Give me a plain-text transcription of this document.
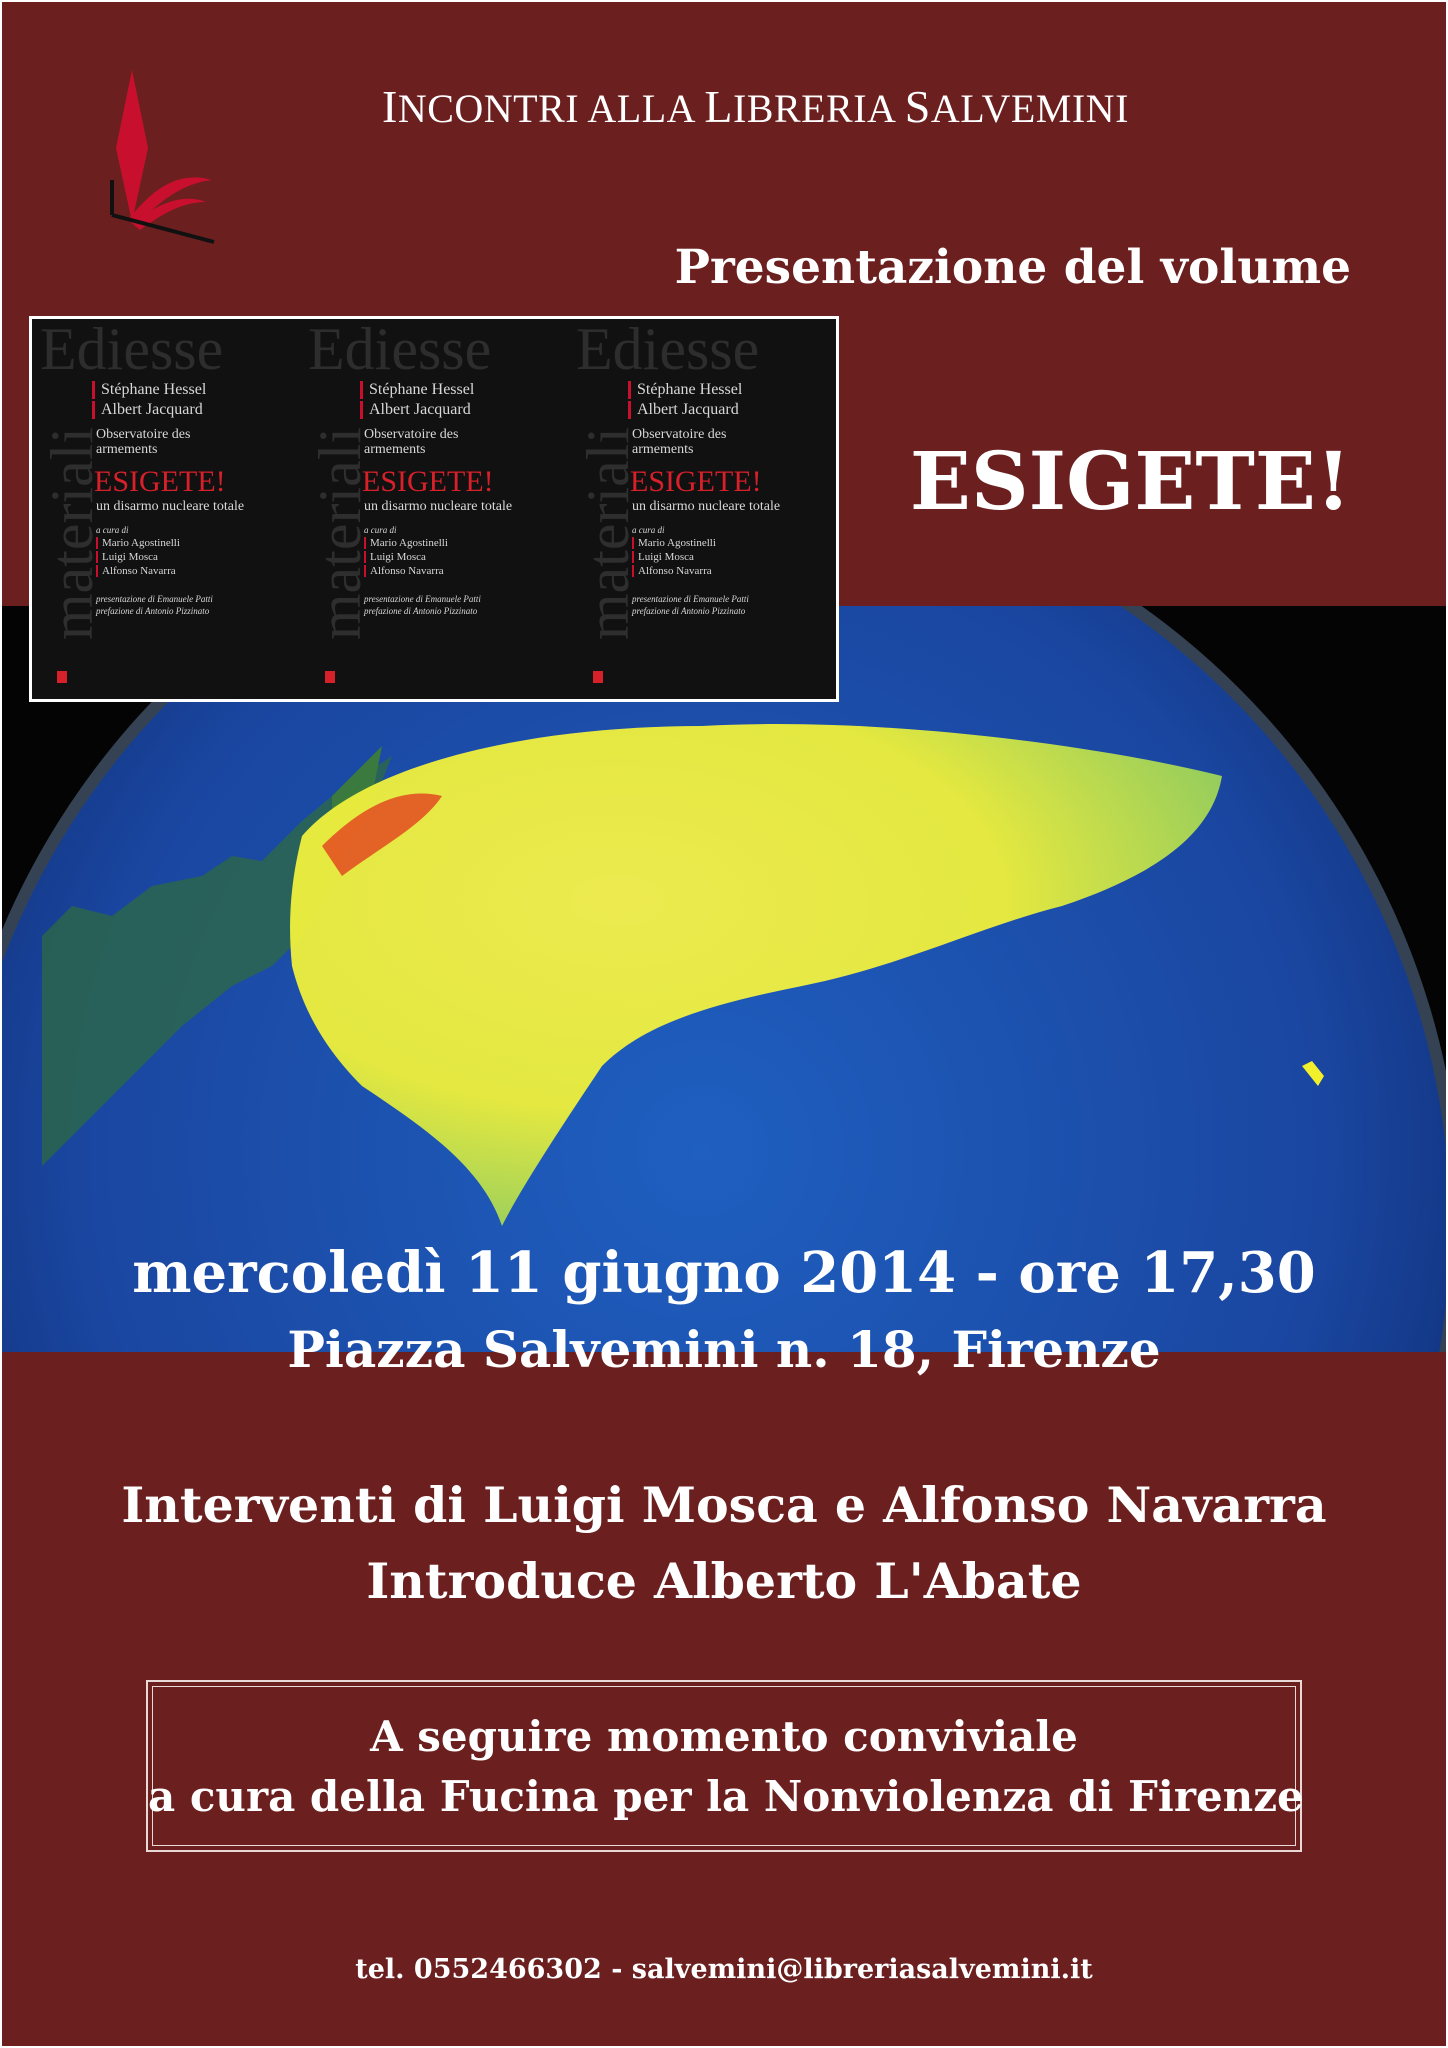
INCONTRI ALLA LIBRERIA SALVEMINI
Presentazione del volume
ESIGETE!
Ediesse
materiali
Stéphane Hessel
Albert Jacquard
Observatoire des armements
ESIGETE!
un disarmo nucleare totale
a cura di
Mario Agostinelli
Luigi Mosca
Alfonso Navarra
presentazione di Emanuele Patti
prefazione di Antonio Pizzinato
Ediesse
materiali
Stéphane Hessel
Albert Jacquard
Observatoire des armements
ESIGETE!
un disarmo nucleare totale
a cura di
Mario Agostinelli
Luigi Mosca
Alfonso Navarra
presentazione di Emanuele Patti
prefazione di Antonio Pizzinato
Ediesse
materiali
Stéphane Hessel
Albert Jacquard
Observatoire des armements
ESIGETE!
un disarmo nucleare totale
a cura di
Mario Agostinelli
Luigi Mosca
Alfonso Navarra
presentazione di Emanuele Patti
prefazione di Antonio Pizzinato
mercoledì 11 giugno 2014 - ore 17,30
Piazza Salvemini n. 18, Firenze
Interventi di Luigi Mosca e Alfonso Navarra
Introduce Alberto L'Abate
A seguire momento conviviale
a cura della Fucina per la Nonviolenza di Firenze
tel. 0552466302 - salvemini@libreriasalvemini.it
